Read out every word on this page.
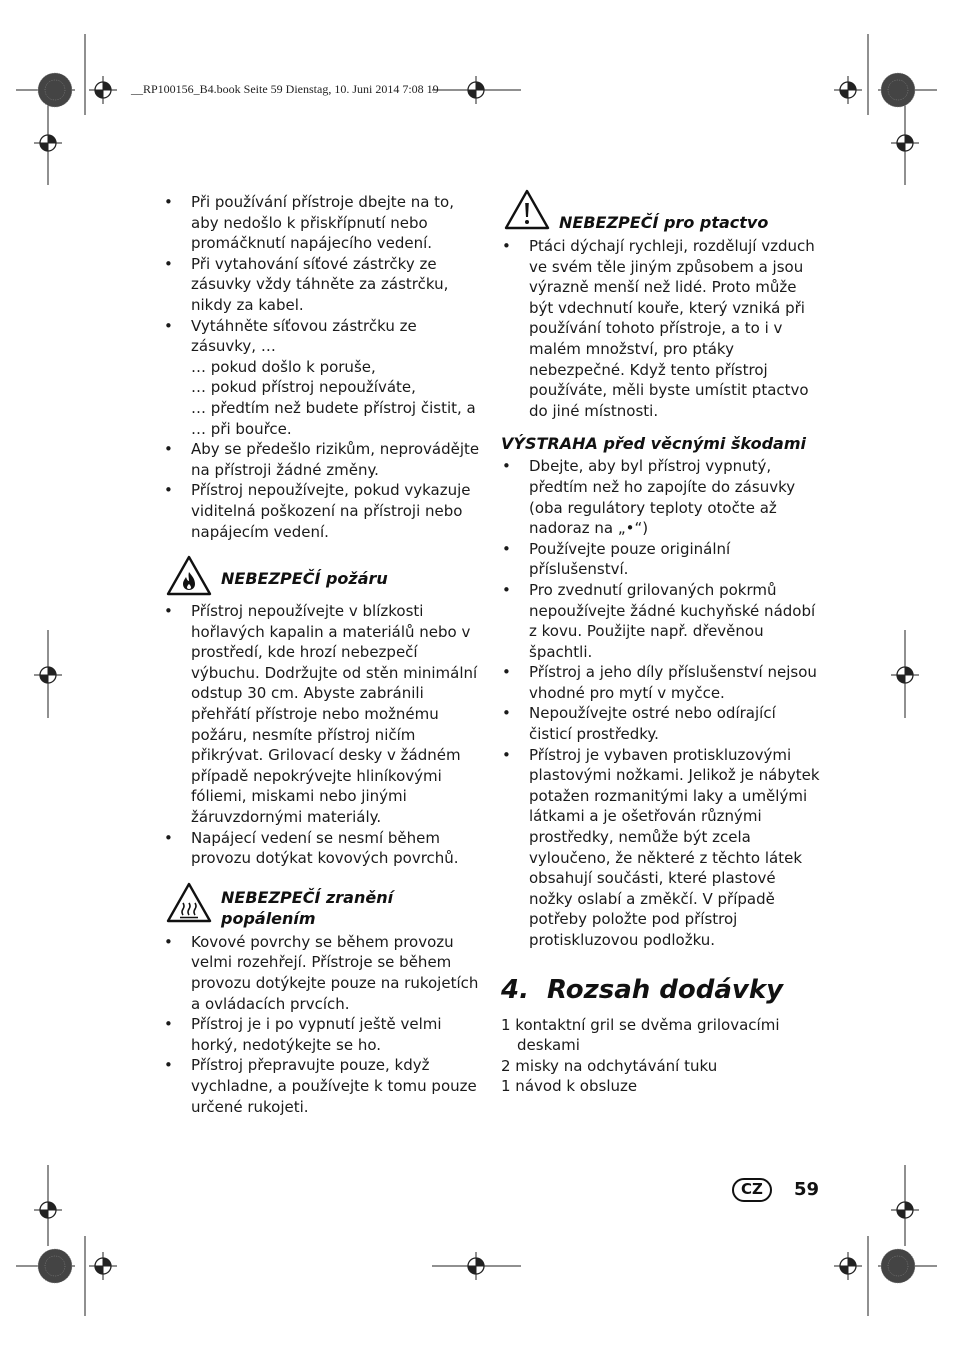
__RP100156_B4.book Seite 59 Dienstag, 10. Juni 2014 7:08 19
• Při používání přístroje dbejte na to, aby nedošlo k přiskřípnutí nebo promáčknutí napájecího vedení.
• Při vytahování síťové zástrčky ze zásuvky vždy táhněte za zástrčku, nikdy za kabel.
• Vytáhněte síťovou zástrčku ze zásuvky, …
… pokud došlo k poruše,
… pokud přístroj nepoužíváte,
… předtím než budete přístroj čistit, a
… při bouřce.
• Aby se předešlo rizikům, neprovádějte na přístroji žádné změny.
• Přístroj nepoužívejte, pokud vykazuje viditelná poškození na přístroji nebo napájecím vedení.
NEBEZPEČÍ požáru
• Přístroj nepoužívejte v blízkosti hořlavých kapalin a materiálů nebo v prostředí, kde hrozí nebezpečí výbuchu. Dodržujte od stěn minimální odstup 30 cm. Abyste zabránili přehřátí přístroje nebo možnému požáru, nesmíte přístroj ničím přikrývat. Grilovací desky v žádném případě nepokrývejte hliníkovými fóliemi, miskami nebo jinými žáruvzdornými materiály.
• Napájecí vedení se nesmí během provozu dotýkat kovových povrchů.
NEBEZPEČÍ zranění popálením
• Kovové povrchy se během provozu velmi rozehřejí. Přístroje se během provozu dotýkejte pouze na rukojetích a ovládacích prvcích.
• Přístroj je i po vypnutí ještě velmi horký, nedotýkejte se ho.
• Přístroj přepravujte pouze, když vychladne, a používejte k tomu pouze určené rukojeti.
NEBEZPEČÍ pro ptactvo
• Ptáci dýchají rychleji, rozdělují vzduch ve svém těle jiným způsobem a jsou výrazně menší než lidé. Proto může být vdechnutí kouře, který vzniká při používání tohoto přístroje, a to i v malém množství, pro ptáky nebezpečné. Když tento přístroj používáte, měli byste umístit ptactvo do jiné místnosti.
VÝSTRAHA před věcnými škodami
• Dbejte, aby byl přístroj vypnutý, předtím než ho zapojíte do zásuvky (oba regulátory teploty otočte až nadoraz na „•“)
• Používejte pouze originální příslušenství.
• Pro zvednutí grilovaných pokrmů nepoužívejte žádné kuchyňské nádobí z kovu. Použijte např. dřevěnou špachtli.
• Přístroj a jeho díly příslušenství nejsou vhodné pro mytí v myčce.
• Nepoužívejte ostré nebo odírající čisticí prostředky.
• Přístroj je vybaven protiskluzovými plastovými nožkami. Jelikož je nábytek potažen rozmanitými laky a umělými látkami a je ošetřován různými prostředky, nemůže být zcela vyloučeno, že některé z těchto látek obsahují součásti, které plastové nožky oslabí a změkčí. V případě potřeby položte pod přístroj protiskluzovou podložku.
4. Rozsah dodávky

1 kontaktní gril se dvěma grilovacími deskami

2 misky na odchytávání tuku

1 návod k obsluze

CZ	59
